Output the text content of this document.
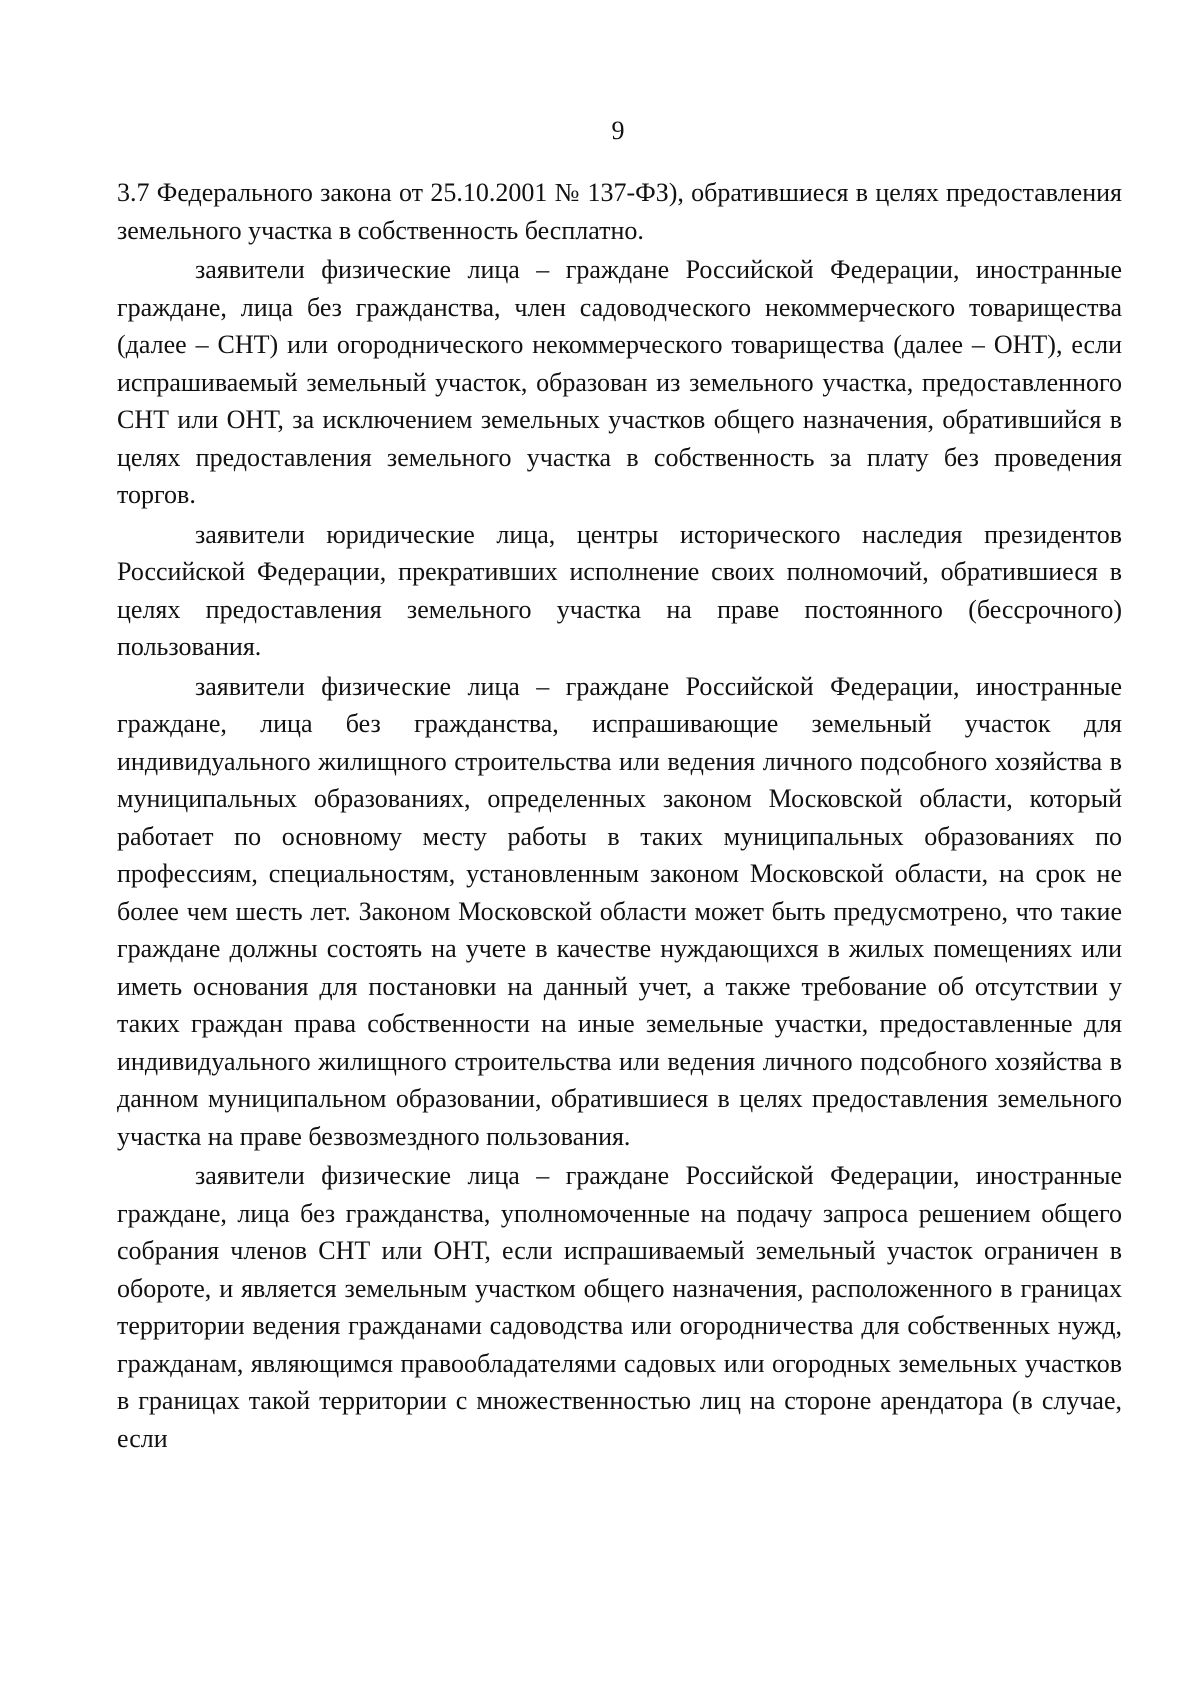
9

3.7 Федерального закона от 25.10.2001 № 137-ФЗ), обратившиеся в целях предоставления земельного участка в собственность бесплатно.

заявители физические лица – граждане Российской Федерации, иностранные граждане, лица без гражданства, член садоводческого некоммерческого товарищества (далее – СНТ) или огороднического некоммерческого товарищества (далее – ОНТ), если испрашиваемый земельный участок, образован из земельного участка, предоставленного СНТ или ОНТ, за исключением земельных участков общего назначения, обратившийся в целях предоставления земельного участка в собственность за плату без проведения торгов.

заявители юридические лица, центры исторического наследия президентов Российской Федерации, прекративших исполнение своих полномочий, обратившиеся в целях предоставления земельного участка на праве постоянного (бессрочного) пользования.

заявители физические лица – граждане Российской Федерации, иностранные граждане, лица без гражданства, испрашивающие земельный участок для индивидуального жилищного строительства или ведения личного подсобного хозяйства в муниципальных образованиях, определенных законом Московской области, который работает по основному месту работы в таких муниципальных образованиях по профессиям, специальностям, установленным законом Московской области, на срок не более чем шесть лет. Законом Московской области может быть предусмотрено, что такие граждане должны состоять на учете в качестве нуждающихся в жилых помещениях или иметь основания для постановки на данный учет, а также требование об отсутствии у таких граждан права собственности на иные земельные участки, предоставленные для индивидуального жилищного строительства или ведения личного подсобного хозяйства в данном муниципальном образовании, обратившиеся в целях предоставления земельного участка на праве безвозмездного пользования.

заявители физические лица – граждане Российской Федерации, иностранные граждане, лица без гражданства, уполномоченные на подачу запроса решением общего собрания членов СНТ или ОНТ, если испрашиваемый земельный участок ограничен в обороте, и является земельным участком общего назначения, расположенного в границах территории ведения гражданами садоводства или огородничества для собственных нужд, гражданам, являющимся правообладателями садовых или огородных земельных участков в границах такой территории с множественностью лиц на стороне арендатора (в случае, если
